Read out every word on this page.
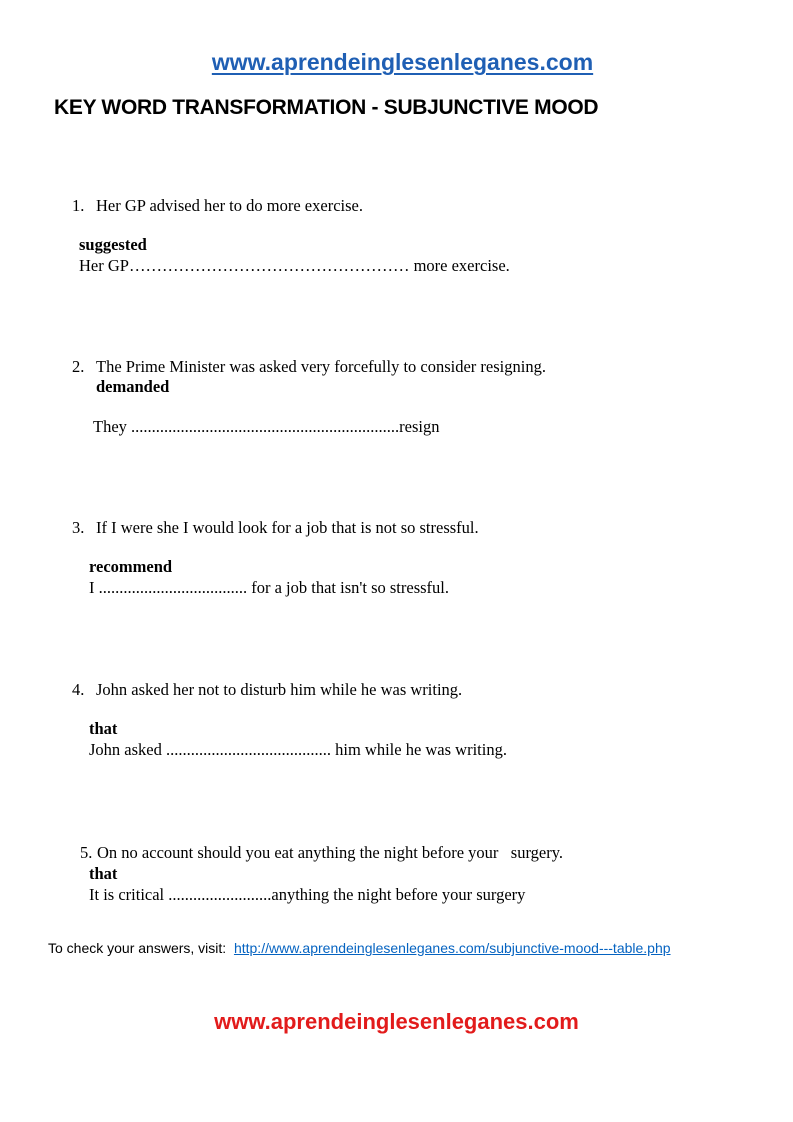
www.aprendeinglesenleganes.com
KEY WORD TRANSFORMATION - SUBJUNCTIVE MOOD
1. Her GP advised her to do more exercise.
suggested
Her GP…………………………………………… more exercise.
2. The Prime Minister was asked very forcefully to consider resigning.
demanded
They .................................................................resign
3. If I were she I would look for a job that is not so stressful.
recommend
I .................................... for a job that isn't so stressful.
4. John asked her not to disturb him while he was writing.
that
John asked ........................................ him while he was writing.
5. On no account should you eat anything the night before your   surgery.
that
It is critical .........................anything the night before your surgery
To check your answers, visit: http://www.aprendeinglesenleganes.com/subjunctive-mood---table.php
www.aprendeinglesenleganes.com
